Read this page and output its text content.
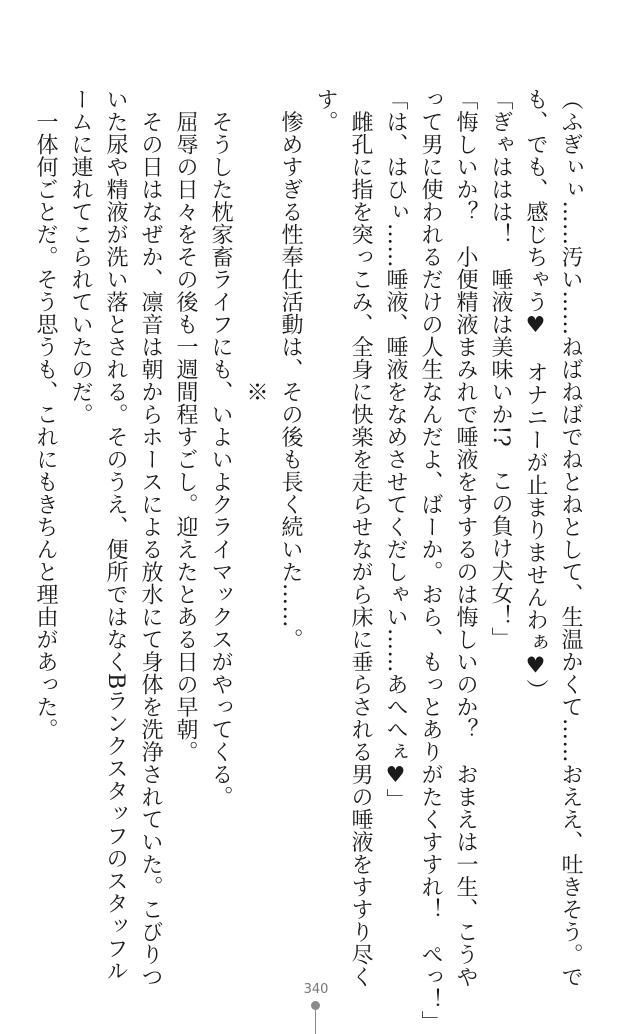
（ふぎぃぃ……汚い……ねばねばでねとねとして、生温かくて……おええ、吐きそう。で
も、でも、感じちゃう♥　オナニーが止まりませんわぁ♥）
「ぎゃははは！　唾液は美味いか!?　この負け犬女！」
「悔しいか？　小便精液まみれで唾液をすするのは悔しいのか？　おまえは一生、こうや
って男に使われるだけの人生なんだよ、ばーか。おら、もっとありがたくすすれ！　ぺっ！」
「は、はひぃ……唾液、唾液をなめさせてくだしゃい……あへへぇ♥」
　雌孔に指を突っこみ、全身に快楽を走らせながら床に垂らされる男の唾液をすすり尽く
す。
　惨めすぎる性奉仕活動は、その後も長く続いた……。
　　　　　　　　　　　　　※
　そうした枕家畜ライフにも、いよいよクライマックスがやってくる。
　屈辱の日々をその後も一週間程すごし。迎えたとある日の早朝。
　その日はなぜか、凛音は朝からホースによる放水にて身体を洗浄されていた。こびりつ
いた尿や精液が洗い落とされる。そのうえ、便所ではなくBランクスタッフのスタッフル
ームに連れてこられていたのだ。
　一体何ごとだ。そう思うも、これにもきちんと理由があった。
340
